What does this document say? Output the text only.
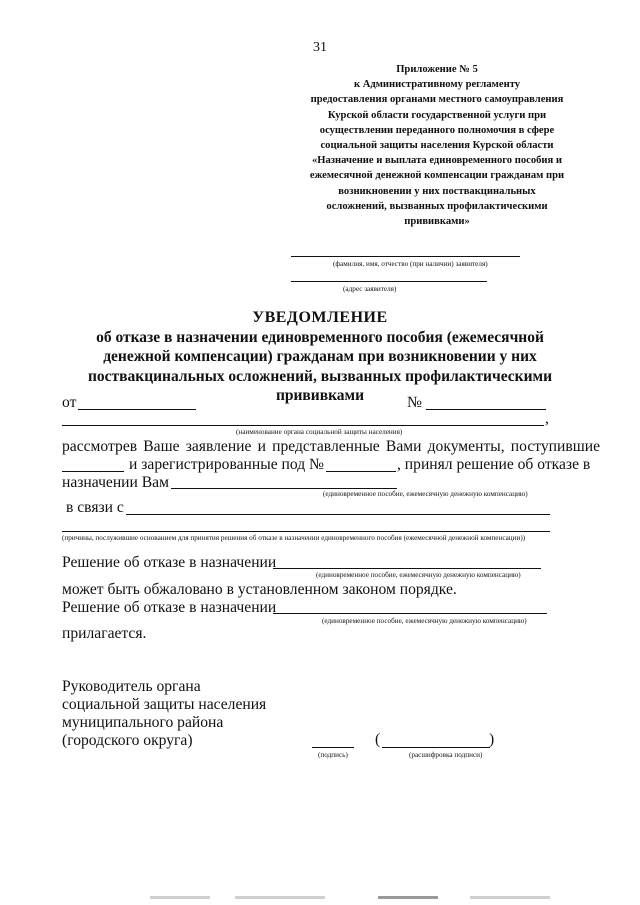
31
Приложение № 5
к Административному регламенту
предоставления органами местного самоуправления
Курской области государственной услуги при
осуществлении переданного полномочия в сфере
социальной защиты населения Курской области
«Назначение и выплата единовременного пособия и
ежемесячной денежной компенсации гражданам при
возникновении у них поствакцинальных
осложнений, вызванных профилактическими
прививками»
(фамилия, имя, отчество (при наличии) заявителя)
(адрес заявителя)
УВЕДОМЛЕНИЕ
об отказе в назначении единовременного пособия (ежемесячной
денежной компенсации) гражданам при возникновении у них
поствакцинальных осложнений, вызванных профилактическими
прививками
от	№
,
(наименование органа социальной защиты населения)
рассмотрев Ваше заявление и представленные Вами документы, поступившие
и зарегистрированные под №	, принял решение об отказе в
назначении Вам
(единовременное пособие, ежемесячную денежную компенсацию)
в связи с
(причины, послужившие основанием для принятия решения об отказе в назначении единовременного пособия (ежемесячной денежной компенсации))
Решение об отказе в назначении
(единовременное пособие, ежемесячную денежную компенсацию)
может быть обжаловано в установленном законом порядке.
Решение об отказе в назначении
(единовременное пособие, ежемесячную денежную компенсацию)
прилагается.
Руководитель органа
социальной защиты населения
муниципального района
(городского округа)
(подпись)
(	)
(расшифровка подписи)
